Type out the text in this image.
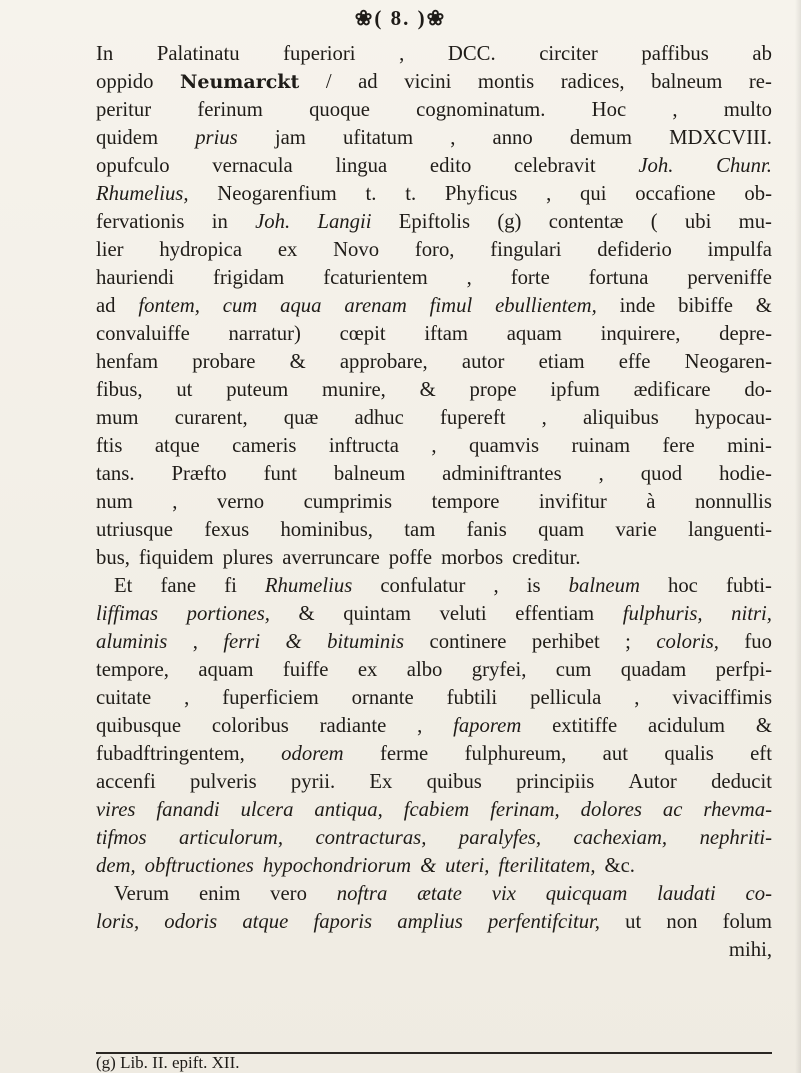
❀( 8. )❀
In Palatinatu fuperiori , DCC. circiter paffibus ab
oppido Neumarckt / ad vicini montis radices, balneum re-
peritur ferinum quoque cognominatum. Hoc , multo
quidem prius jam ufitatum , anno demum MDXCVIII.
opufculo vernacula lingua edito celebravit Joh. Chunr.
Rhumelius, Neogarenfium t. t. Phyficus , qui occafione ob-
fervationis in Joh. Langii Epiftolis (g) contentæ ( ubi mu-
lier hydropica ex Novo foro, fingulari defiderio impulfa
hauriendi frigidam fcaturientem , forte fortuna perveniffe
ad fontem, cum aqua arenam fimul ebullientem, inde bibiffe &
convaluiffe narratur) cœpit iftam aquam inquirere, depre-
henfam probare & approbare, autor etiam effe Neogaren-
fibus, ut puteum munire, & prope ipfum ædificare do-
mum curarent, quæ adhuc fupereft , aliquibus hypocau-
ftis atque cameris inftructa , quamvis ruinam fere mini-
tans. Præfto funt balneum adminiftrantes , quod hodie-
num , verno cumprimis tempore invifitur à nonnullis
utriusque fexus hominibus, tam fanis quam varie languenti-
bus, fiquidem plures averruncare poffe morbos creditur.
Et fane fi Rhumelius confulatur , is balneum hoc fubti-
liffimas portiones, & quintam veluti effentiam fulphuris, nitri,
aluminis , ferri & bituminis continere perhibet ; coloris, fuo
tempore, aquam fuiffe ex albo gryfei, cum quadam perfpi-
cuitate , fuperficiem ornante fubtili pellicula , vivaciffimis
quibusque coloribus radiante , faporem extitiffe acidulum &
fubadftringentem, odorem ferme fulphureum, aut qualis eft
accenfi pulveris pyrii. Ex quibus principiis Autor deducit
vires fanandi ulcera antiqua, fcabiem ferinam, dolores ac rhevma-
tifmos articulorum, contracturas, paralyfes, cachexiam, nephriti-
dem, obftructiones hypochondriorum & uteri, fterilitatem, &c.
Verum enim vero noftra ætate vix quicquam laudati co-
loris, odoris atque faporis amplius perfentifcitur, ut non folum
mihi,
(g) Lib. II. epift. XII.
